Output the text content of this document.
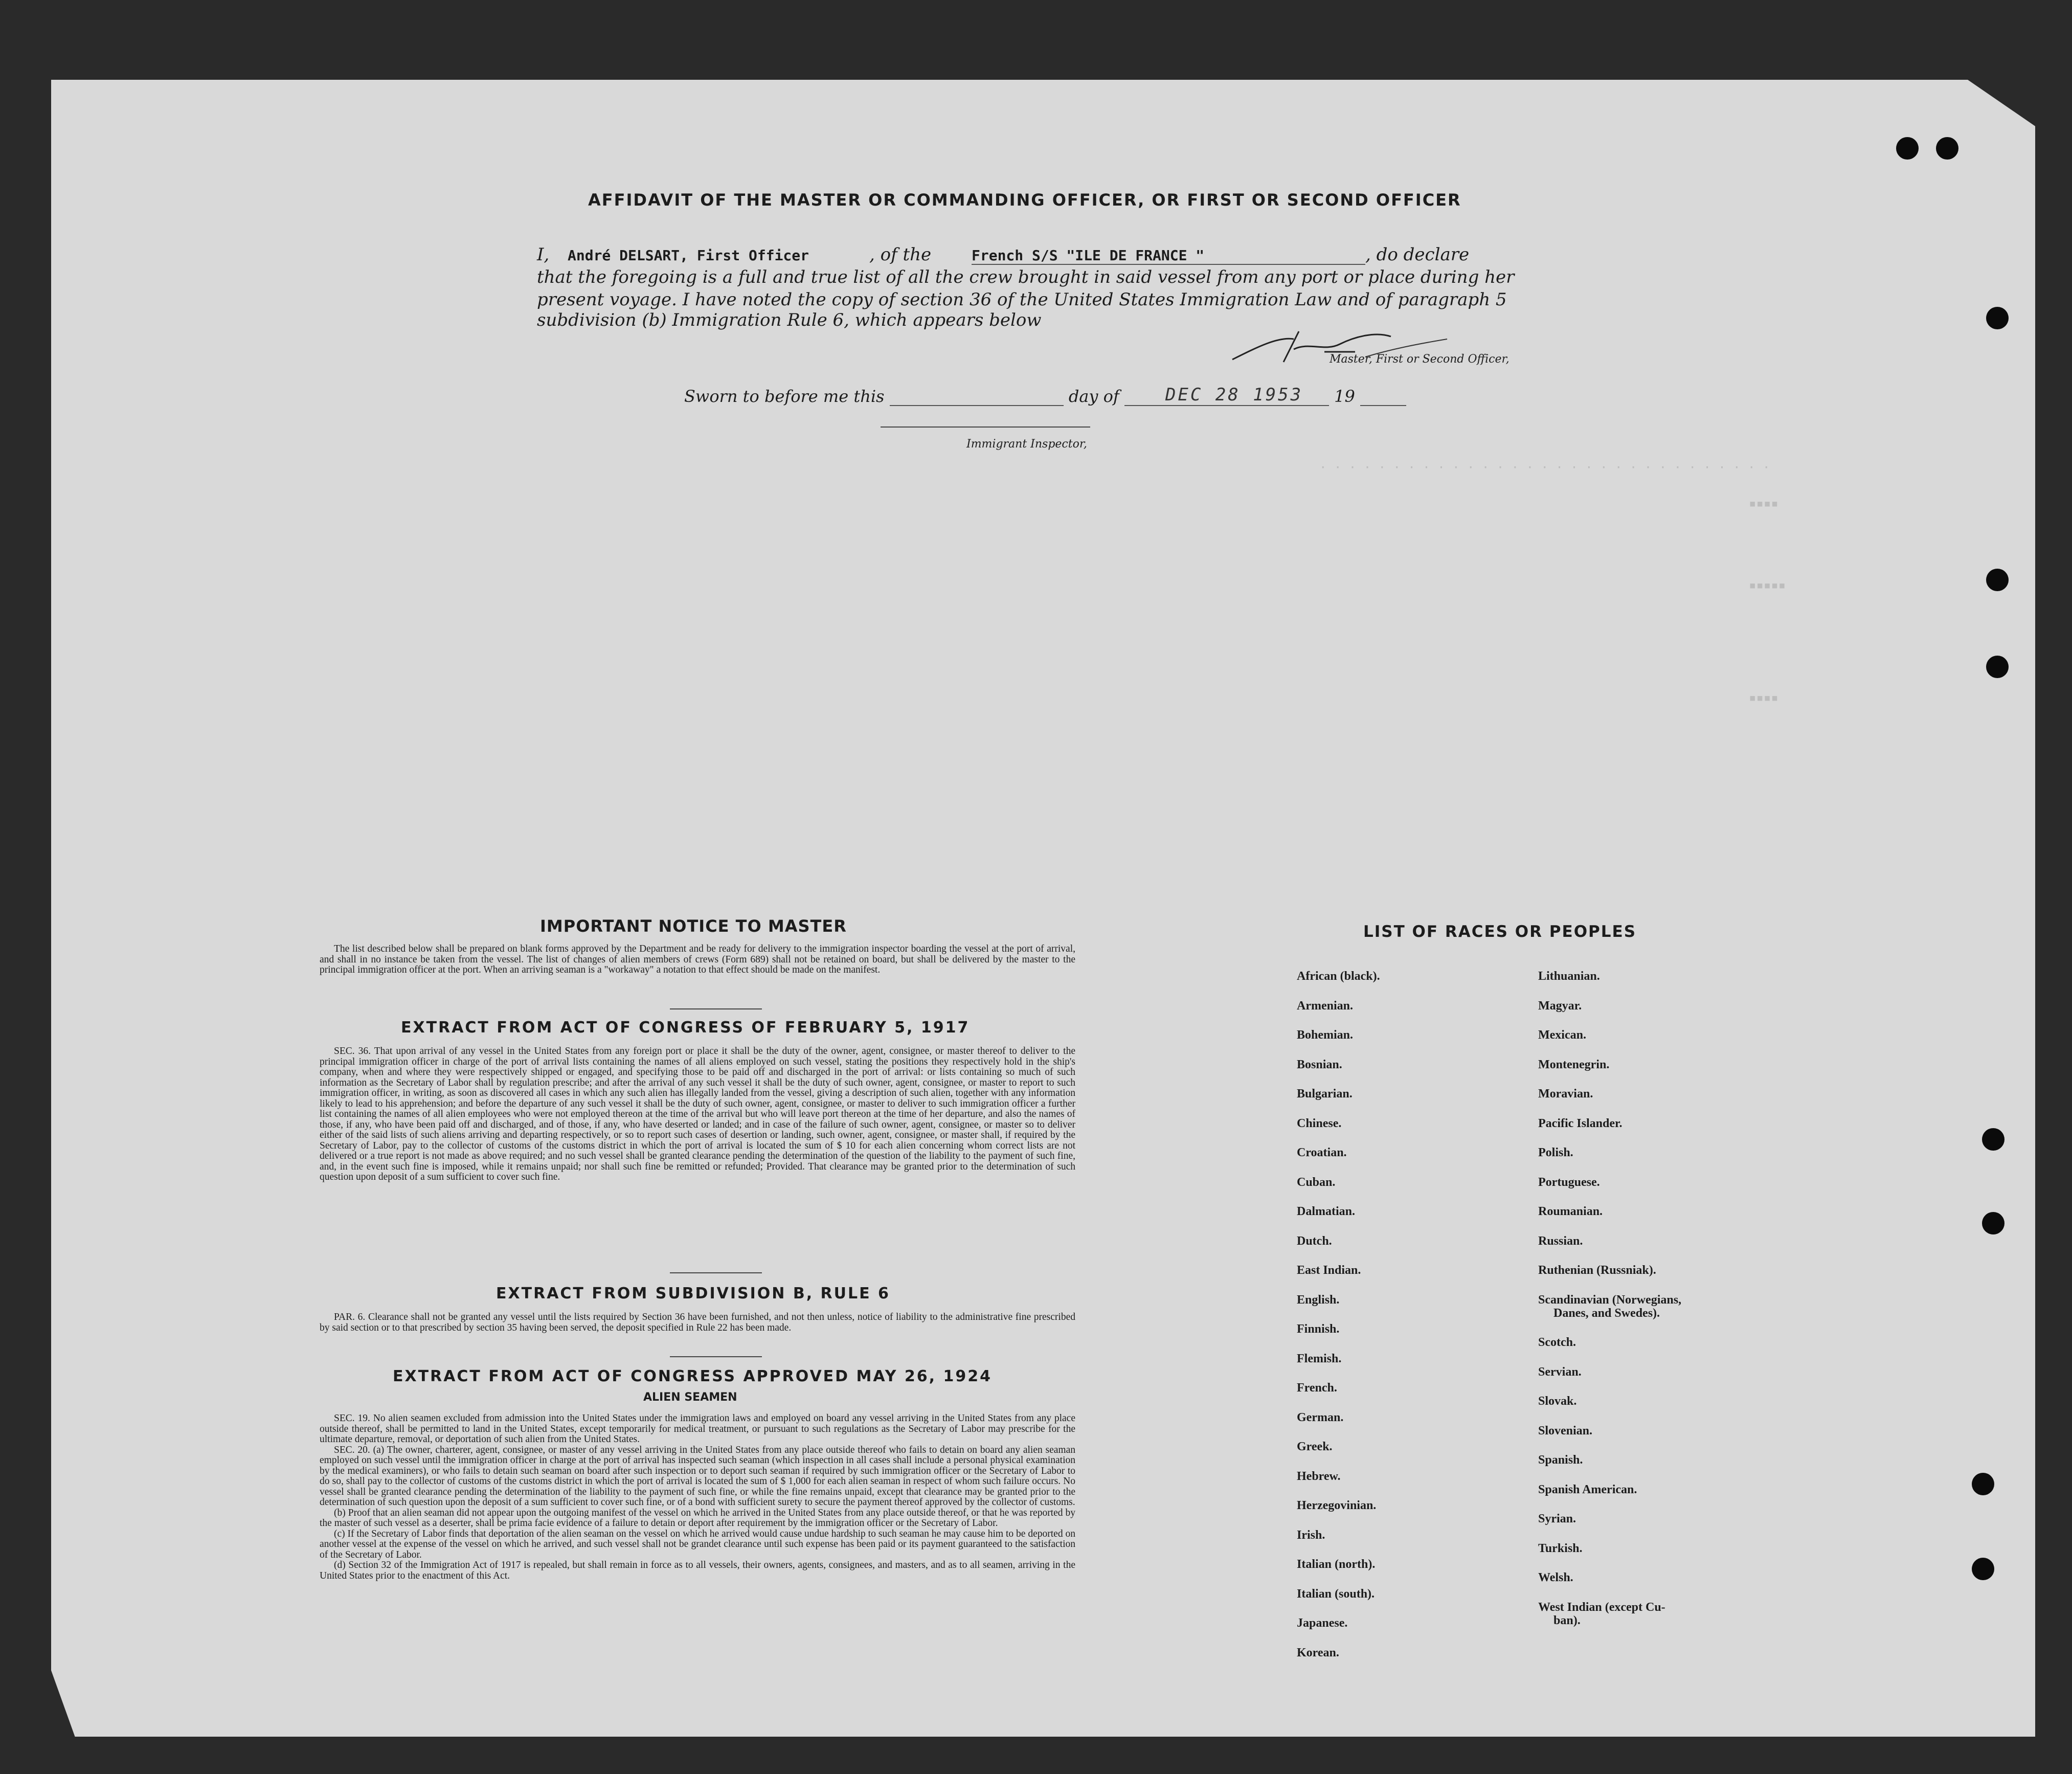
· · · · · · · · · · · · · · · · · · · · · · · · · · · · · · ·
▪▪▪▪
▪▪▪▪▪
▪▪▪▪
AFFIDAVIT OF THE MASTER OR COMMANDING OFFICER, OR FIRST OR SECOND OFFICER
I, André DELSART, First Officer	, of the	French S/S "ILE DE FRANCE "	, do declare
that the foregoing is a full and true list of all the crew brought in said vessel from any port or place during her
present voyage. I have noted the copy of section 36 of the United States Immigration Law and of paragraph 5
subdivision (b) Immigration Rule 6, which appears below
Master, First or Second Officer,
Sworn to before me this	day of	DEC 28 1953 19
Immigrant Inspector,
IMPORTANT NOTICE TO MASTER
The list described below shall be prepared on blank forms approved by the Department and be ready for delivery to the immigration inspector boarding the vessel at the port of arrival, and shall in no instance be taken from the vessel. The list of changes of alien members of crews (Form 689) shall not be retained on board, but shall be delivered by the master to the principal immigration officer at the port. When an arriving seaman is a "workaway" a notation to that effect should be made on the manifest.
EXTRACT FROM ACT OF CONGRESS OF FEBRUARY 5, 1917
SEC. 36. That upon arrival of any vessel in the United States from any foreign port or place it shall be the duty of the owner, agent, consignee, or master thereof to deliver to the principal immigration officer in charge of the port of arrival lists containing the names of all aliens employed on such vessel, stating the positions they respectively hold in the ship's company, when and where they were respectively shipped or engaged, and specifying those to be paid off and discharged in the port of arrival: or lists containing so much of such information as the Secretary of Labor shall by regulation prescribe; and after the arrival of any such vessel it shall be the duty of such owner, agent, consignee, or master to report to such immigration officer, in writing, as soon as discovered all cases in which any such alien has illegally landed from the vessel, giving a description of such alien, together with any information likely to lead to his apprehension; and before the departure of any such vessel it shall be the duty of such owner, agent, consignee, or master to deliver to such immigration officer a further list containing the names of all alien employees who were not employed thereon at the time of the arrival but who will leave port thereon at the time of her departure, and also the names of those, if any, who have been paid off and discharged, and of those, if any, who have deserted or landed; and in case of the failure of such owner, agent, consignee, or master so to deliver either of the said lists of such aliens arriving and departing respectively, or so to report such cases of desertion or landing, such owner, agent, consignee, or master shall, if required by the Secretary of Labor, pay to the collector of customs of the customs district in which the port of arrival is located the sum of $ 10 for each alien concerning whom correct lists are not delivered or a true report is not made as above required; and no such vessel shall be granted clearance pending the determination of the question of the liability to the payment of such fine, and, in the event such fine is imposed, while it remains unpaid; nor shall such fine be remitted or refunded; Provided. That clearance may be granted prior to the determination of such question upon deposit of a sum sufficient to cover such fine.
EXTRACT FROM SUBDIVISION B, RULE 6
PAR. 6. Clearance shall not be granted any vessel until the lists required by Section 36 have been furnished, and not then unless, notice of liability to the administrative fine prescribed by said section or to that prescribed by section 35 having been served, the deposit specified in Rule 22 has been made.
EXTRACT FROM ACT OF CONGRESS APPROVED MAY 26, 1924
ALIEN SEAMEN

SEC. 19. No alien seamen excluded from admission into the United States under the immigration laws and employed on board any vessel arriving in the United States from any place outside thereof, shall be permitted to land in the United States, except temporarily for medical treatment, or pursuant to such regulations as the Secretary of Labor may prescribe for the ultimate departure, removal, or deportation of such alien from the United States.

SEC. 20. (a) The owner, charterer, agent, consignee, or master of any vessel arriving in the United States from any place outside thereof who fails to detain on board any alien seaman employed on such vessel until the immigration officer in charge at the port of arrival has inspected such seaman (which inspection in all cases shall include a personal physical examination by the medical examiners), or who fails to detain such seaman on board after such inspection or to deport such seaman if required by such immigration officer or the Secretary of Labor to do so, shall pay to the collector of customs of the customs district in which the port of arrival is located the sum of $ 1,000 for each alien seaman in respect of whom such failure occurs. No vessel shall be granted clearance pending the determination of the liability to the payment of such fine, or while the fine remains unpaid, except that clearance may be granted prior to the determination of such question upon the deposit of a sum sufficient to cover such fine, or of a bond with sufficient surety to secure the payment thereof approved by the collector of customs.

(b) Proof that an alien seaman did not appear upon the outgoing manifest of the vessel on which he arrived in the United States from any place outside thereof, or that he was reported by the master of such vessel as a deserter, shall be prima facie evidence of a failure to detain or deport after requirement by the immigration officer or the Secretary of Labor.

(c) If the Secretary of Labor finds that deportation of the alien seaman on the vessel on which he arrived would cause undue hardship to such seaman he may cause him to be deported on another vessel at the expense of the vessel on which he arrived, and such vessel shall not be grandet clearance until such expense has been paid or its payment guaranteed to the satisfaction of the Secretary of Labor.

(d) Section 32 of the Immigration Act of 1917 is repealed, but shall remain in force as to all vessels, their owners, agents, consignees, and masters, and as to all seamen, arriving in the United States prior to the enactment of this Act.

LIST OF RACES OR PEOPLES
African (black).
Armenian.
Bohemian.
Bosnian.
Bulgarian.
Chinese.
Croatian.
Cuban.
Dalmatian.
Dutch.
East Indian.
English.
Finnish.
Flemish.
French.
German.
Greek.
Hebrew.
Herzegovinian.
Irish.
Italian (north).
Italian (south).
Japanese.
Korean.
Lithuanian.
Magyar.
Mexican.
Montenegrin.
Moravian.
Pacific Islander.
Polish.
Portuguese.
Roumanian.
Russian.
Ruthenian (Russniak).
Scandinavian (Norwegians,
Danes, and Swedes).
Scotch.
Servian.
Slovak.
Slovenian.
Spanish.
Spanish American.
Syrian.
Turkish.
Welsh.
West Indian (except Cu-
ban).
